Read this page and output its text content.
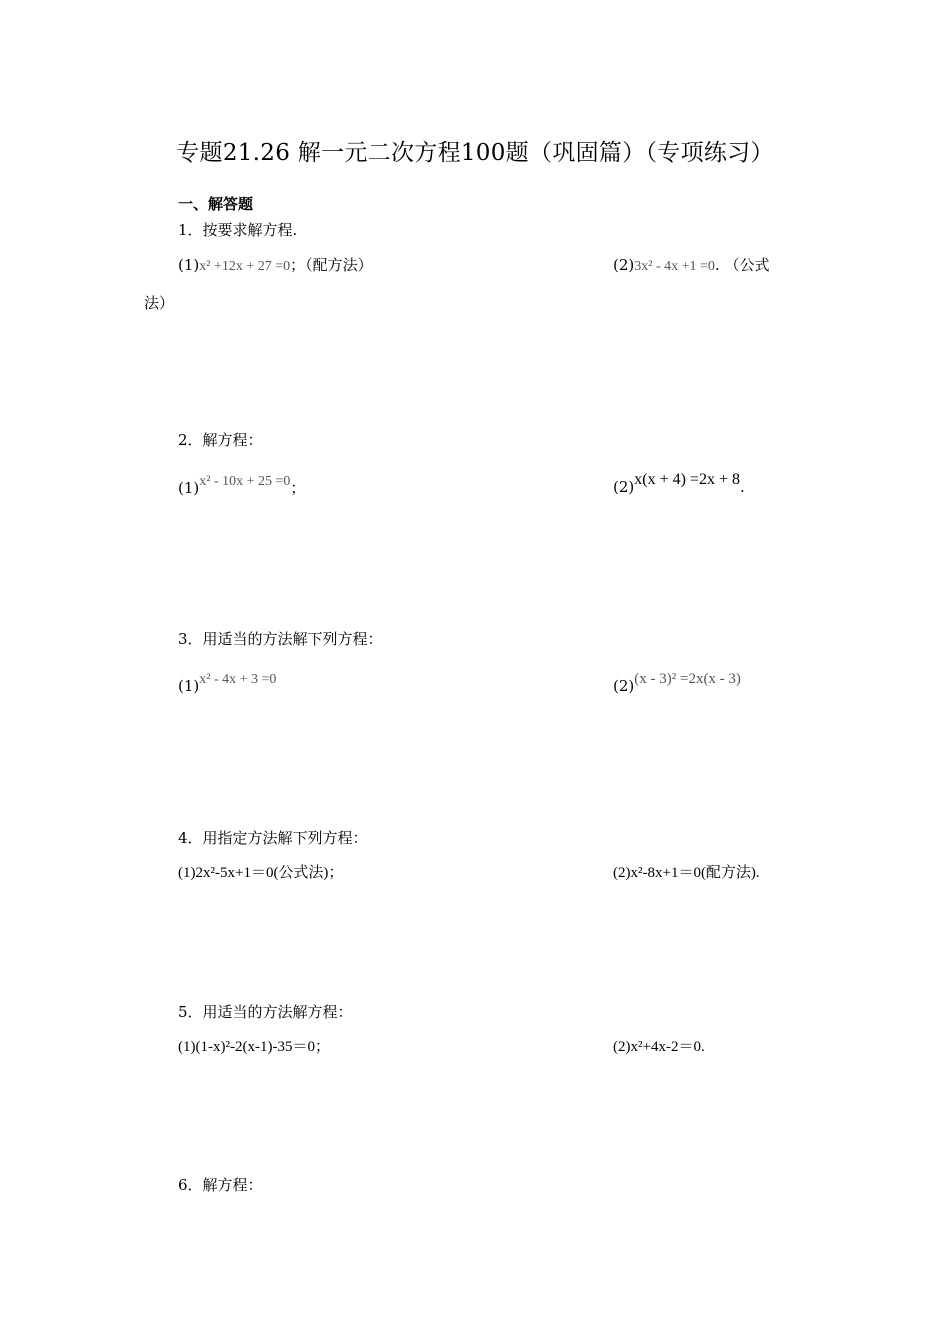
专题21.26 解一元二次方程100题（巩固篇）（专项练习）
一、解答题
1．按要求解方程.
(1)x² +12x + 27 =0；（配方法）	(2)3x² - 4x +1 =0. （公式
法）
2．解方程：
(1)x² - 10x + 25 =0；	(2)x(x + 4) =2x + 8.
3．用适当的方法解下列方程：
(1)x² - 4x + 3 =0	(2)(x - 3)² =2x(x - 3)
4．用指定方法解下列方程：
(1)2x²-5x+1＝0(公式法)；	(2)x²-8x+1＝0(配方法).
5．用适当的方法解方程：
(1)(1-x)²-2(x-1)-35＝0；	(2)x²+4x-2＝0.
6．解方程：
